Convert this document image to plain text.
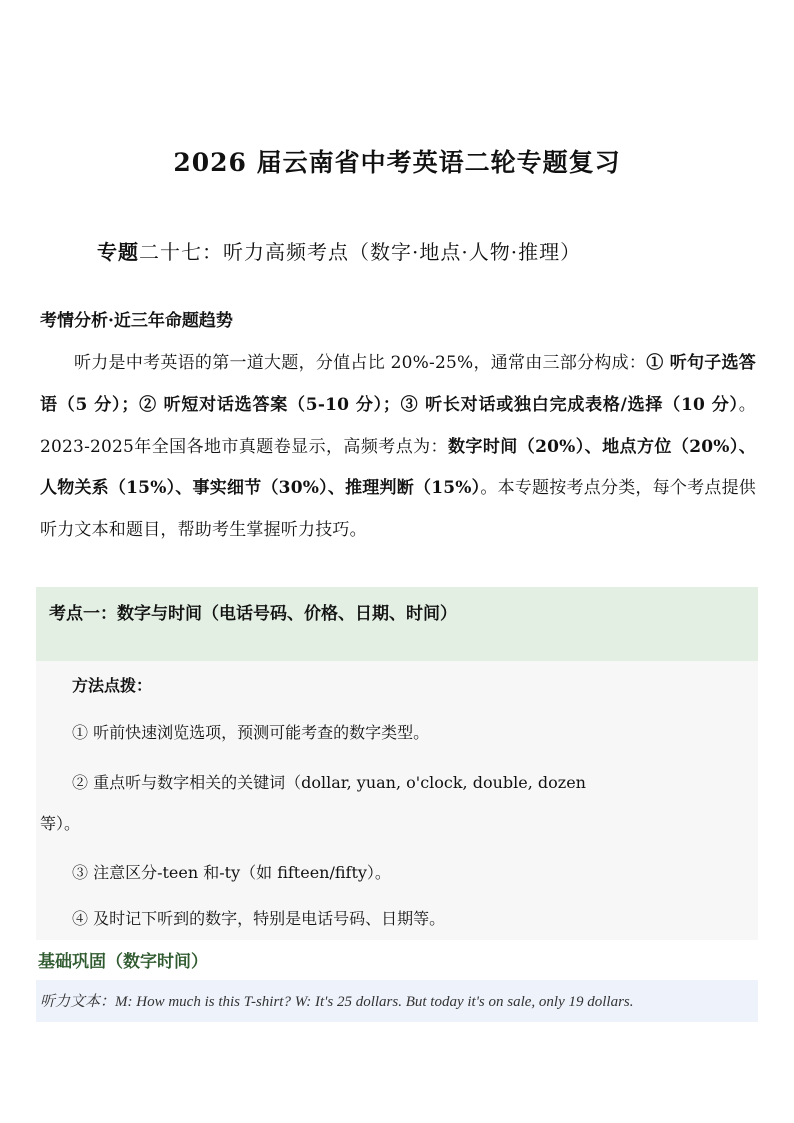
2026 届云南省中考英语二轮专题复习

专题二十七：听力高频考点（数字·地点·人物·推理）

考情分析·近三年命题趋势

听力是中考英语的第一道大题，分值占比 20%-25%，通常由三部分构成：① 听句子选答语（5 分）；② 听短对话选答案（5-10 分）；③ 听长对话或独白完成表格/选择（10 分）。2023-2025年全国各地市真题卷显示，高频考点为：数字时间（20%）、地点方位（20%）、人物关系（15%）、事实细节（30%）、推理判断（15%）。本专题按考点分类，每个考点提供听力文本和题目，帮助考生掌握听力技巧。

考点一：数字与时间（电话号码、价格、日期、时间）

方法点拨：

① 听前快速浏览选项，预测可能考查的数字类型。

② 重点听与数字相关的关键词（dollar, yuan, o'clock, double, dozen

等）。

③ 注意区分-teen 和-ty（如 fifteen/fifty）。

④ 及时记下听到的数字，特别是电话号码、日期等。

基础巩固（数字时间）

听力文本：M: How much is this T-shirt? W: It's 25 dollars. But today it's on sale, only 19 dollars.
